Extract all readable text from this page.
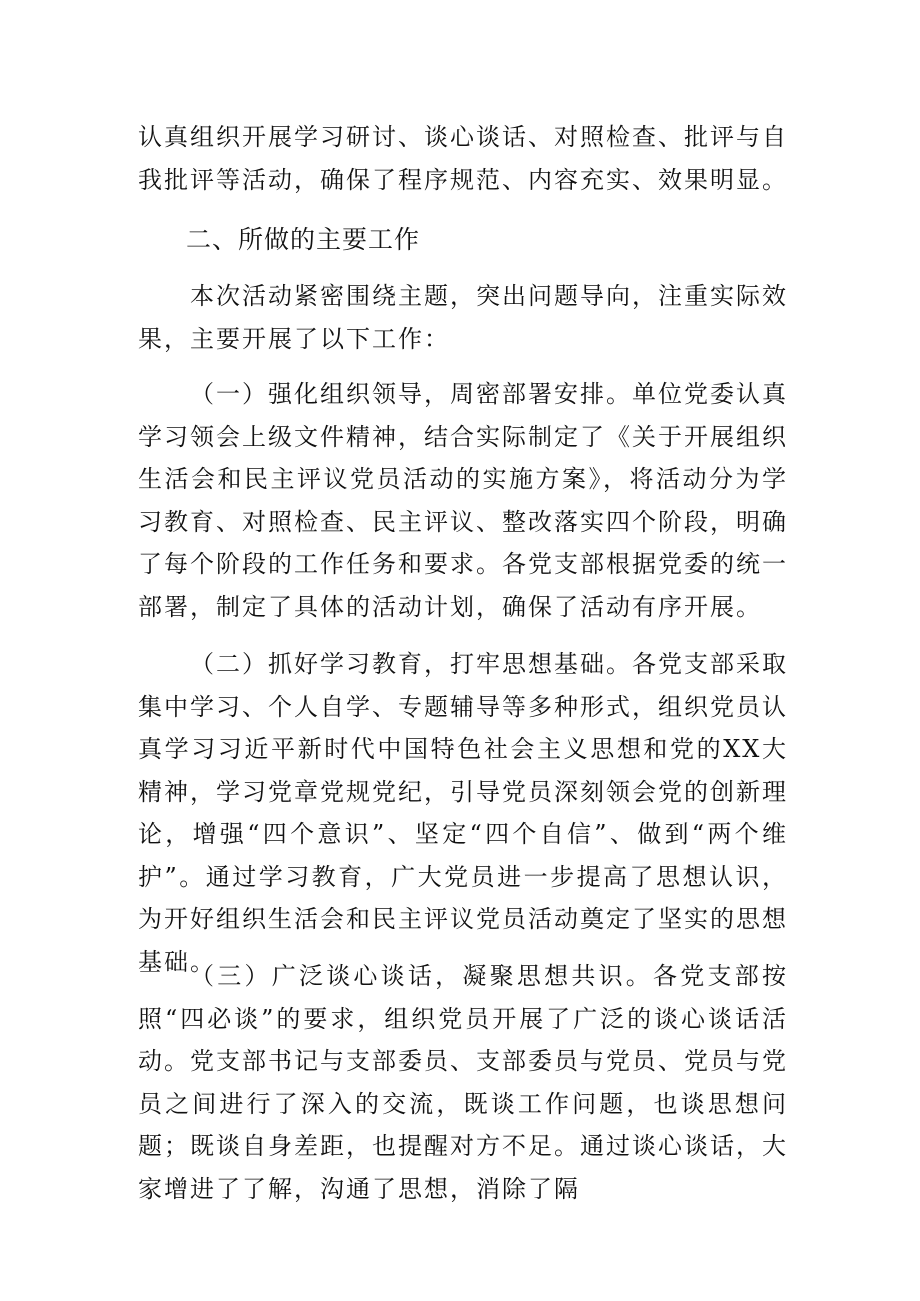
认真组织开展学习研讨、谈心谈话、对照检查、批评与自我批评等活动，确保了程序规范、内容充实、效果明显。

二、所做的主要工作

本次活动紧密围绕主题，突出问题导向，注重实际效果，主要开展了以下工作：

（一）强化组织领导，周密部署安排。单位党委认真学习领会上级文件精神，结合实际制定了《关于开展组织生活会和民主评议党员活动的实施方案》，将活动分为学习教育、对照检查、民主评议、整改落实四个阶段，明确了每个阶段的工作任务和要求。各党支部根据党委的统一部署，制定了具体的活动计划，确保了活动有序开展。

（二）抓好学习教育，打牢思想基础。各党支部采取集中学习、个人自学、专题辅导等多种形式，组织党员认真学习习近平新时代中国特色社会主义思想和党的XX大精神，学习党章党规党纪，引导党员深刻领会党的创新理论，增强“四个意识”、坚定“四个自信”、做到“两个维护”。通过学习教育，广大党员进一步提高了思想认识，为开好组织生活会和民主评议党员活动奠定了坚实的思想基础。

（三）广泛谈心谈话，凝聚思想共识。各党支部按照“四必谈”的要求，组织党员开展了广泛的谈心谈话活动。党支部书记与支部委员、支部委员与党员、党员与党员之间进行了深入的交流，既谈工作问题，也谈思想问题；既谈自身差距，也提醒对方不足。通过谈心谈话，大家增进了了解，沟通了思想，消除了隔
